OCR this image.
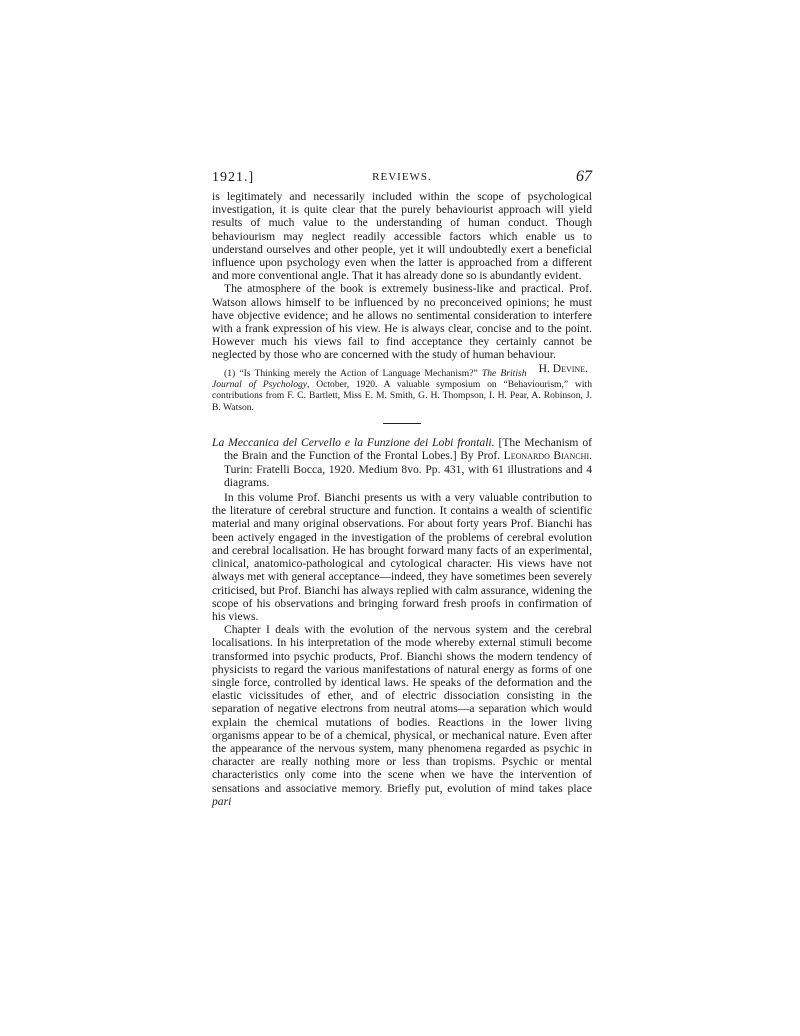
1921.]	REVIEWS.	67

is legitimately and necessarily included within the scope of psychological investigation, it is quite clear that the purely behaviourist approach will yield results of much value to the understanding of human conduct. Though behaviourism may neglect readily accessible factors which enable us to understand ourselves and other people, yet it will undoubtedly exert a beneficial influence upon psychology even when the latter is approached from a different and more conventional angle. That it has already done so is abundantly evident.

The atmosphere of the book is extremely business-like and practical. Prof. Watson allows himself to be influenced by no preconceived opinions; he must have objective evidence; and he allows no sentimental consideration to interfere with a frank expression of his view. He is always clear, concise and to the point. However much his views fail to find acceptance they certainly cannot be neglected by those who are concerned with the study of human behaviour.
H. Devine.

(1) “Is Thinking merely the Action of Language Mechanism?” The British Journal of Psychology, October, 1920. A valuable symposium on “Behaviourism,” with contributions from F. C. Bartlett, Miss E. M. Smith, G. H. Thompson, I. H. Pear, A. Robinson, J. B. Watson.
La Meccanica del Cervello e la Funzione dei Lobi frontali. [The Mechanism of the Brain and the Function of the Frontal Lobes.] By Prof. Leonardo Bianchi. Turin: Fratelli Bocca, 1920. Medium 8vo. Pp. 431, with 61 illustrations and 4 diagrams.

In this volume Prof. Bianchi presents us with a very valuable contribution to the literature of cerebral structure and function. It contains a wealth of scientific material and many original observations. For about forty years Prof. Bianchi has been actively engaged in the investigation of the problems of cerebral evolution and cerebral localisation. He has brought forward many facts of an experimental, clinical, anatomico-pathological and cytological character. His views have not always met with general acceptance—indeed, they have sometimes been severely criticised, but Prof. Bianchi has always replied with calm assurance, widening the scope of his observations and bringing forward fresh proofs in confirmation of his views.

Chapter I deals with the evolution of the nervous system and the cerebral localisations. In his interpretation of the mode whereby external stimuli become transformed into psychic products, Prof. Bianchi shows the modern tendency of physicists to regard the various manifestations of natural energy as forms of one single force, controlled by identical laws. He speaks of the deformation and the elastic vicissitudes of ether, and of electric dissociation consisting in the separation of negative electrons from neutral atoms—a separation which would explain the chemical mutations of bodies. Reactions in the lower living organisms appear to be of a chemical, physical, or mechanical nature. Even after the appearance of the nervous system, many phenomena regarded as psychic in character are really nothing more or less than tropisms. Psychic or mental characteristics only come into the scene when we have the intervention of sensations and associative memory. Briefly put, evolution of mind takes place pari
